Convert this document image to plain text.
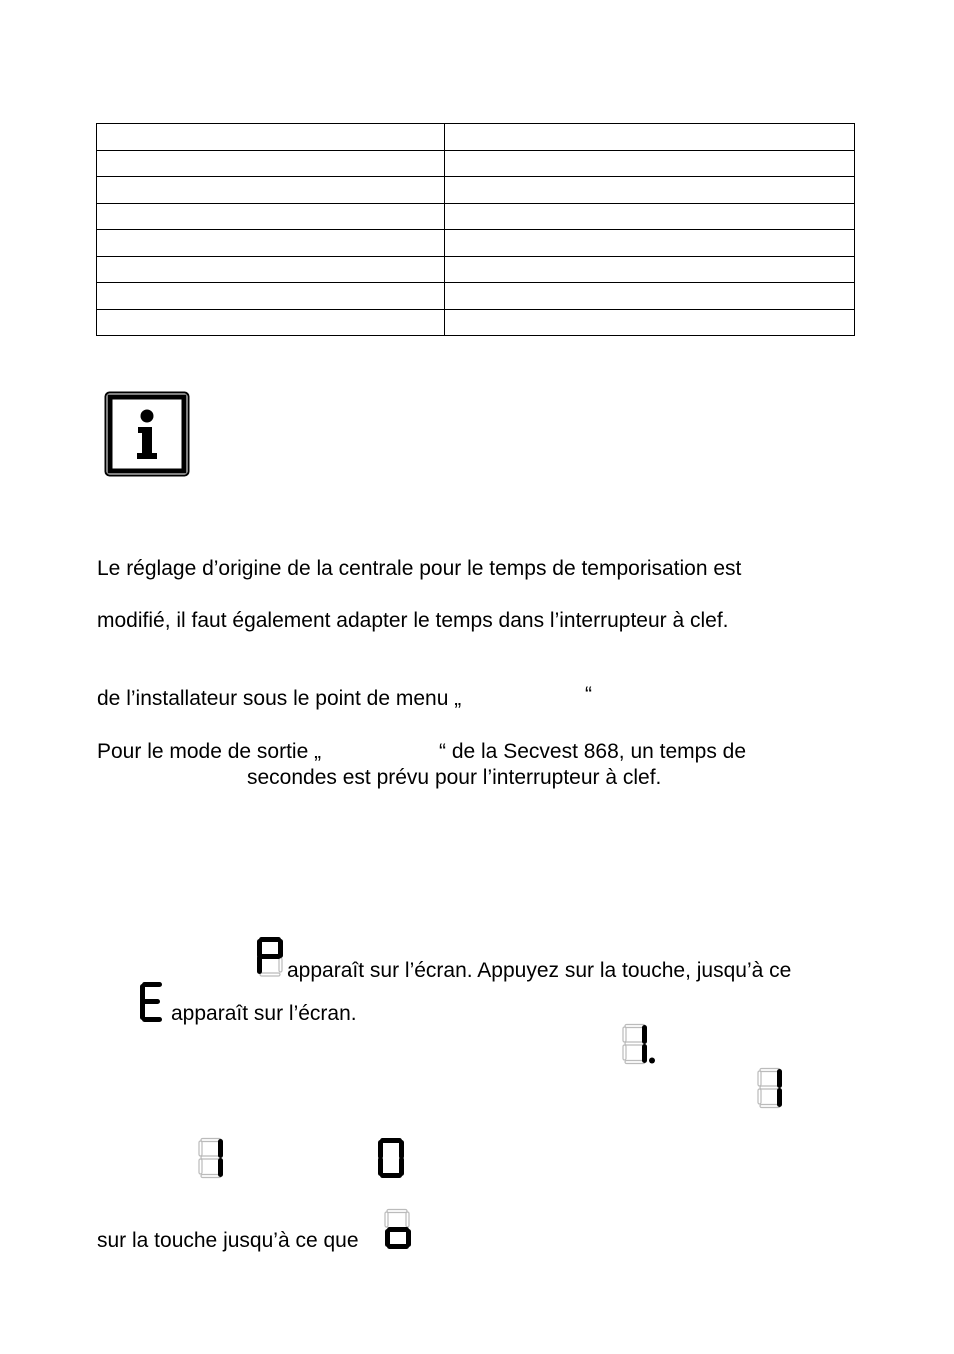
Le réglage d’origine de la centrale pour le temps de temporisation est
modifié, il faut également adapter le temps dans l’interrupteur à clef.
de l’installateur sous le point de menu „	“
Pour le mode de sortie „	“ de la Secvest 868, un temps de
secondes est prévu pour l’interrupteur à clef.
apparaît sur l’écran. Appuyez sur la touche, jusqu’à ce
apparaît sur l’écran.
sur la touche jusqu’à ce que
